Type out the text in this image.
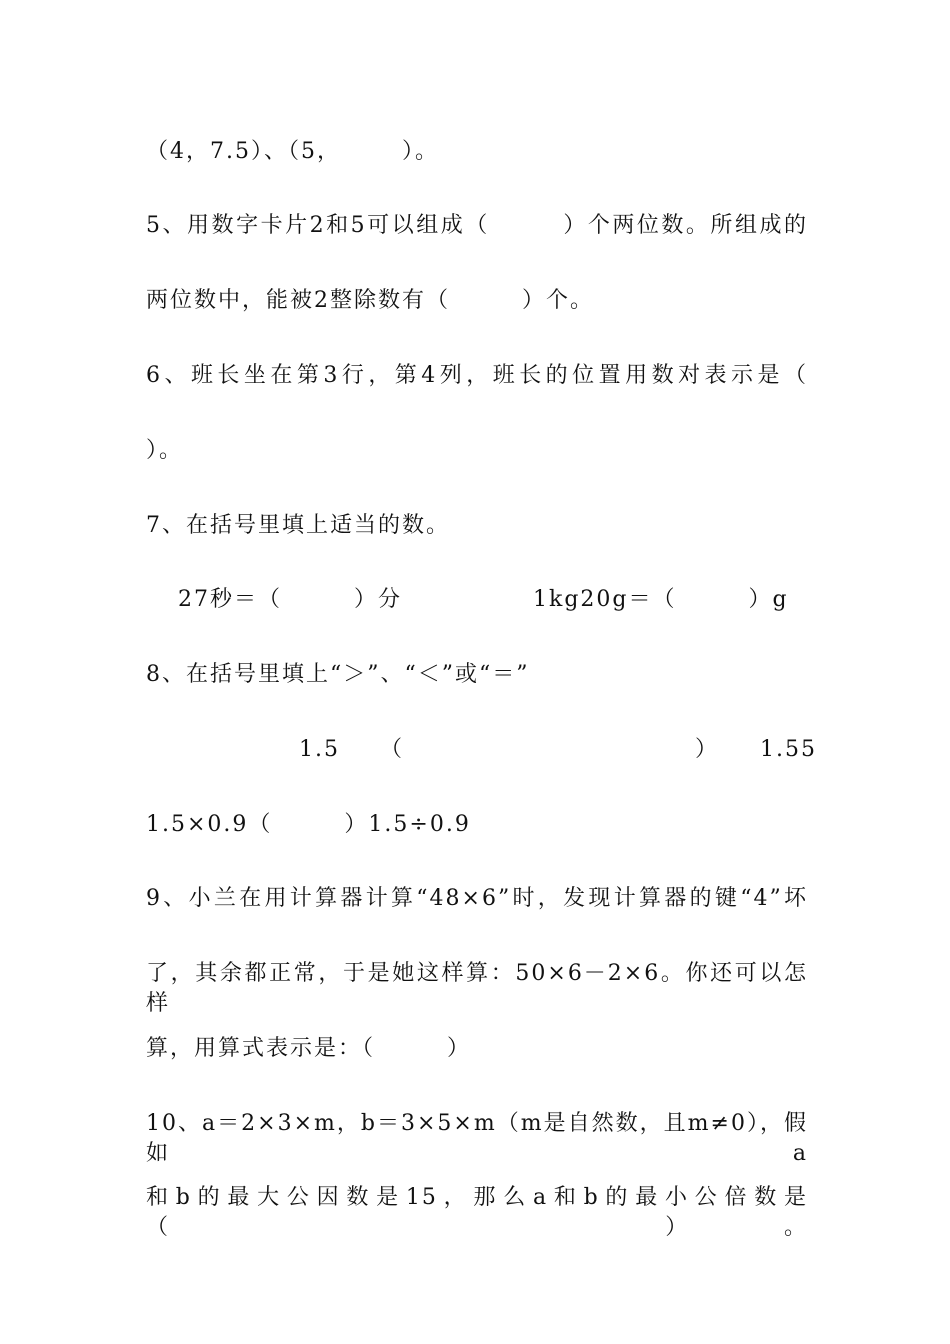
（4，7.5）、（5，　　　）。
5、用数字卡片2和5可以组成（　　　）个两位数。所组成的
两位数中，能被2整除数有（　　　）个。
6、班长坐在第3行，第4列，班长的位置用数对表示是（
）。
7、在括号里填上适当的数。
27秒＝（　　　）分	1kg20g＝（　　　）g
8、在括号里填上“＞”、“＜”或“＝”
1.5 （	） 1.55
1.5×0.9（　　　）1.5÷0.9
9、小兰在用计算器计算“48×6”时，发现计算器的键“4”坏
了，其余都正常，于是她这样算：50×6－2×6。你还可以怎样
算，用算式表示是：（　　　）
10、a＝2×3×m，b＝3×5×m（m是自然数，且m≠0），假如a
和b的最大公因数是15，那么a和b的最小公倍数是（　　　）。
